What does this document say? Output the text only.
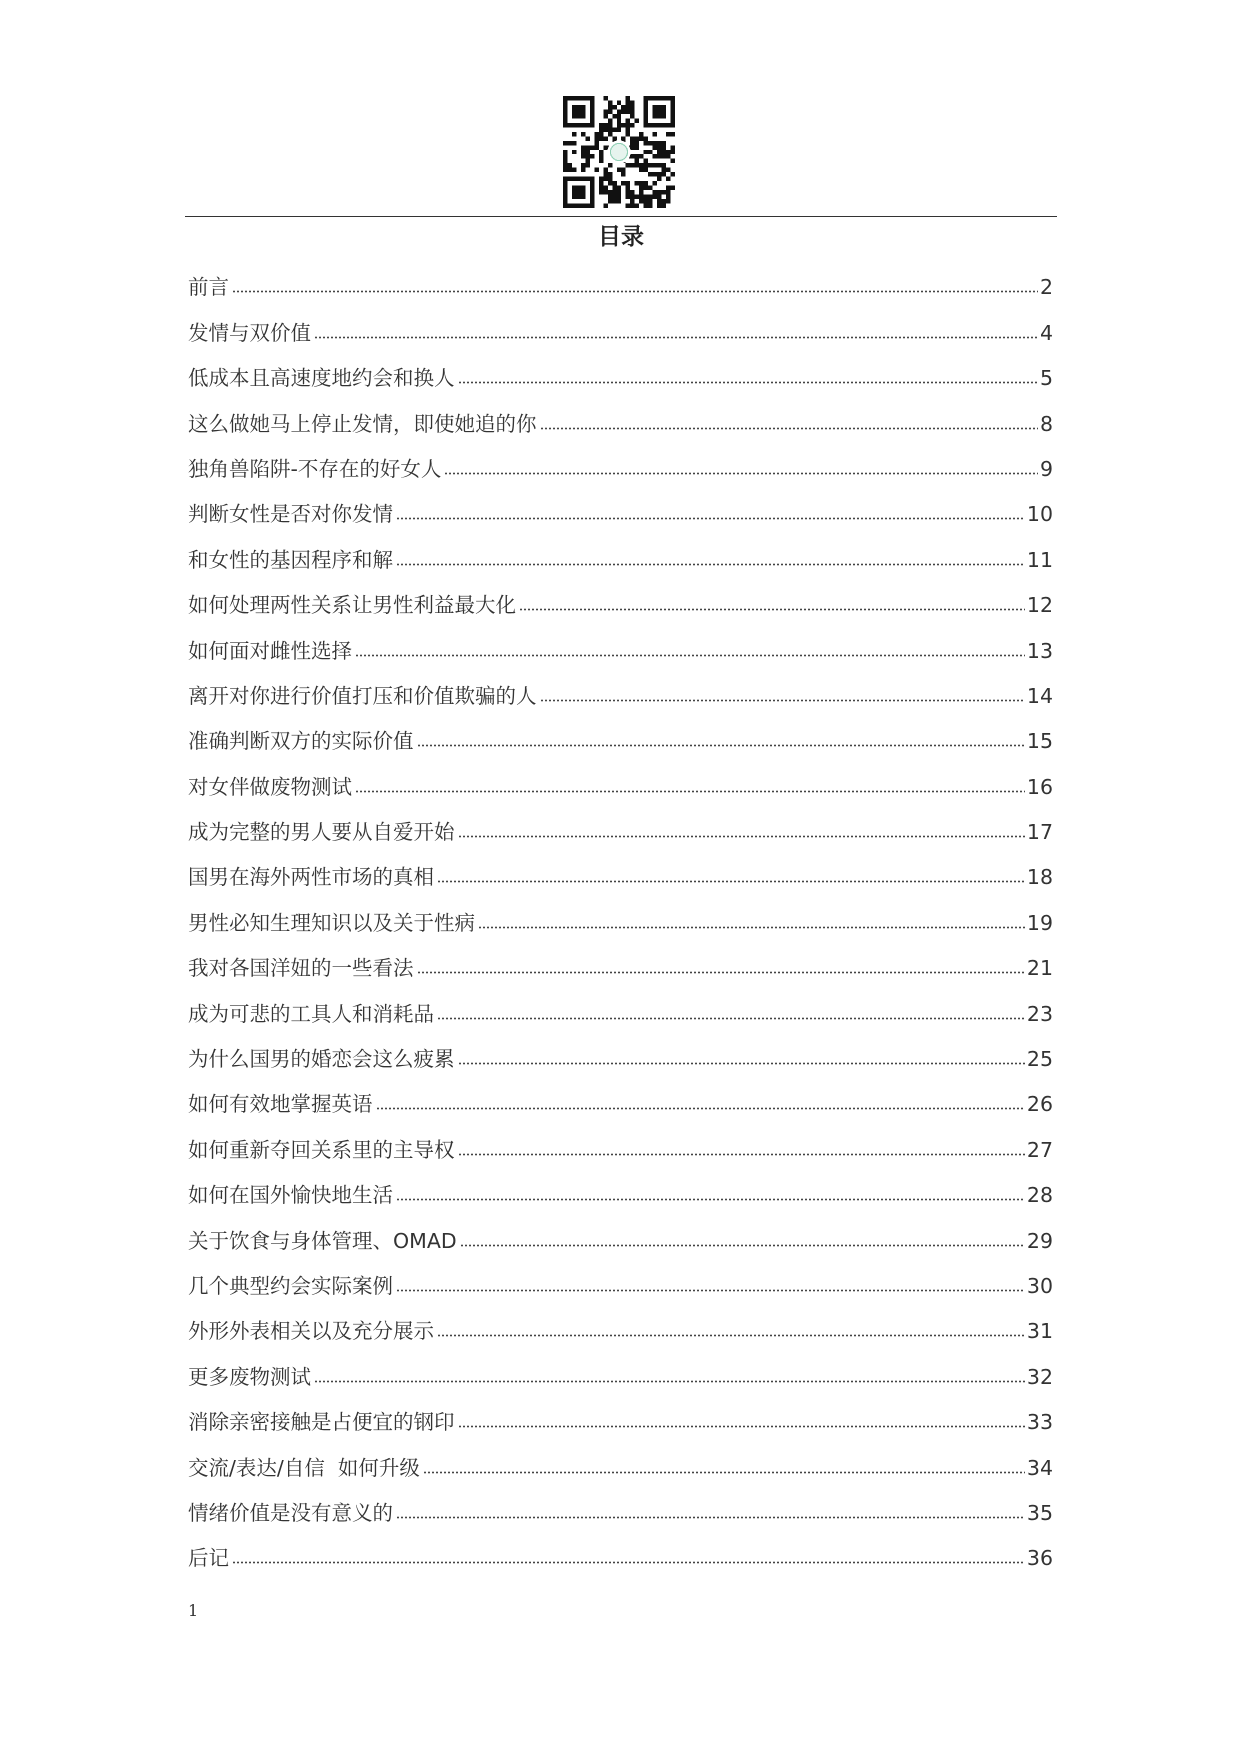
目录
前言	2
发情与双价值	4
低成本且高速度地约会和换人	5
这么做她马上停止发情，即使她追的你	8
独角兽陷阱-不存在的好女人	9
判断女性是否对你发情	10
和女性的基因程序和解	11
如何处理两性关系让男性利益最大化	12
如何面对雌性选择	13
离开对你进行价值打压和价值欺骗的人	14
准确判断双方的实际价值	15
对女伴做废物测试	16
成为完整的男人要从自爱开始	17
国男在海外两性市场的真相	18
男性必知生理知识以及关于性病	19
我对各国洋妞的一些看法	21
成为可悲的工具人和消耗品	23
为什么国男的婚恋会这么疲累	25
如何有效地掌握英语	26
如何重新夺回关系里的主导权	27
如何在国外愉快地生活	28
关于饮食与身体管理、OMAD	29
几个典型约会实际案例	30
外形外表相关以及充分展示	31
更多废物测试	32
消除亲密接触是占便宜的钢印	33
交流/表达/自信  如何升级	34
情绪价值是没有意义的	35
后记	36
1
